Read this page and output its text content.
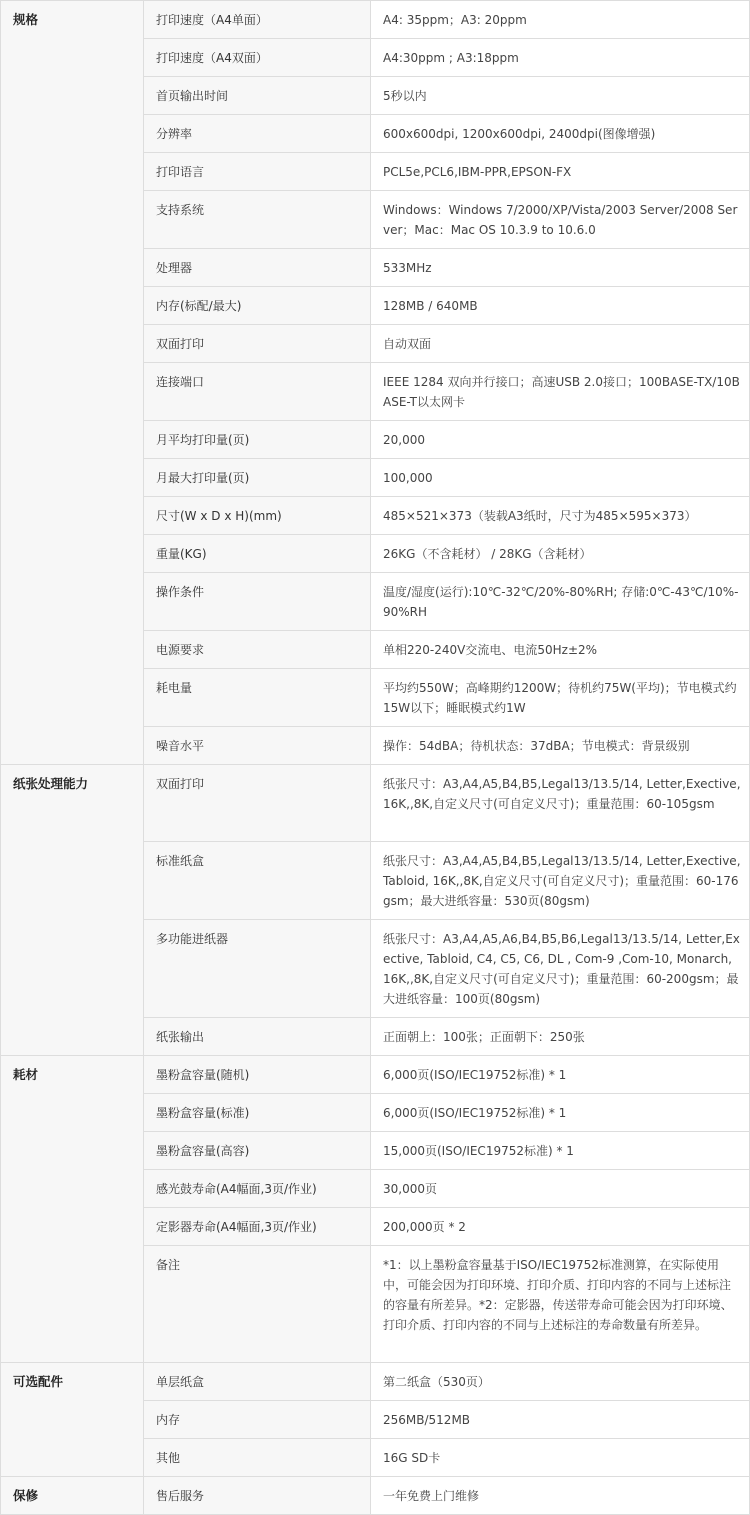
规格	打印速度（A4单面）	A4: 35ppm；A3: 20ppm
	打印速度（A4双面）	A4:30ppm ; A3:18ppm
	首页输出时间	5秒以内
	分辨率	600x600dpi, 1200x600dpi, 2400dpi(图像增强)
	打印语言	PCL5e,PCL6,IBM-PPR,EPSON-FX
	支持系统	Windows：Windows 7/2000/XP/Vista/2003 Server/2008 Server；Mac：Mac OS 10.3.9 to 10.6.0
	处理器	533MHz
	内存(标配/最大)	128MB / 640MB
	双面打印	自动双面
	连接端口	IEEE 1284 双向并行接口；高速USB 2.0接口；100BASE-TX/10BASE-T以太网卡
	月平均打印量(页)	20,000
	月最大打印量(页)	100,000
	尺寸(W x D x H)(mm)	485×521×373（装载A3纸时，尺寸为485×595×373）
	重量(KG)	26KG（不含耗材） / 28KG（含耗材）
	操作条件	温度/湿度(运行):10℃-32℃/20%-80%RH; 存储:0℃-43℃/10%-90%RH
	电源要求	单相220-240V交流电、电流50Hz±2%
	耗电量	平均约550W；高峰期约1200W；待机约75W(平均)；节电模式约15W以下；睡眠模式约1W
	噪音水平	操作：54dBA；待机状态：37dBA；节电模式：背景级别
纸张处理能力	双面打印	纸张尺寸：A3,A4,A5,B4,B5,Legal13/13.5/14, Letter,Exective, 16K,,8K,自定义尺寸(可自定义尺寸)；重量范围：60-105gsm
	标准纸盒	纸张尺寸：A3,A4,A5,B4,B5,Legal13/13.5/14, Letter,Exective, Tabloid, 16K,,8K,自定义尺寸(可自定义尺寸)；重量范围：60-176gsm；最大进纸容量：530页(80gsm)
	多功能进纸器	纸张尺寸：A3,A4,A5,A6,B4,B5,B6,Legal13/13.5/14, Letter,Exective, Tabloid, C4, C5, C6, DL , Com-9 ,Com-10, Monarch, 16K,,8K,自定义尺寸(可自定义尺寸)；重量范围：60-200gsm；最大进纸容量：100页(80gsm)
	纸张输出	正面朝上：100张；正面朝下：250张
耗材	墨粉盒容量(随机)	6,000页(ISO/IEC19752标准) * 1
	墨粉盒容量(标准)	6,000页(ISO/IEC19752标准) * 1
	墨粉盒容量(高容)	15,000页(ISO/IEC19752标准) * 1
	感光鼓寿命(A4幅面,3页/作业)	30,000页
	定影器寿命(A4幅面,3页/作业)	200,000页 * 2
	备注	*1：以上墨粉盒容量基于ISO/IEC19752标准测算，在实际使用中，可能会因为打印环境、打印介质、打印内容的不同与上述标注的容量有所差异。*2：定影器，传送带寿命可能会因为打印环境、打印介质、打印内容的不同与上述标注的寿命数量有所差异。
可选配件	单层纸盒	第二纸盒（530页）
	内存	256MB/512MB
	其他	16G SD卡
保修	售后服务	一年免费上门维修
